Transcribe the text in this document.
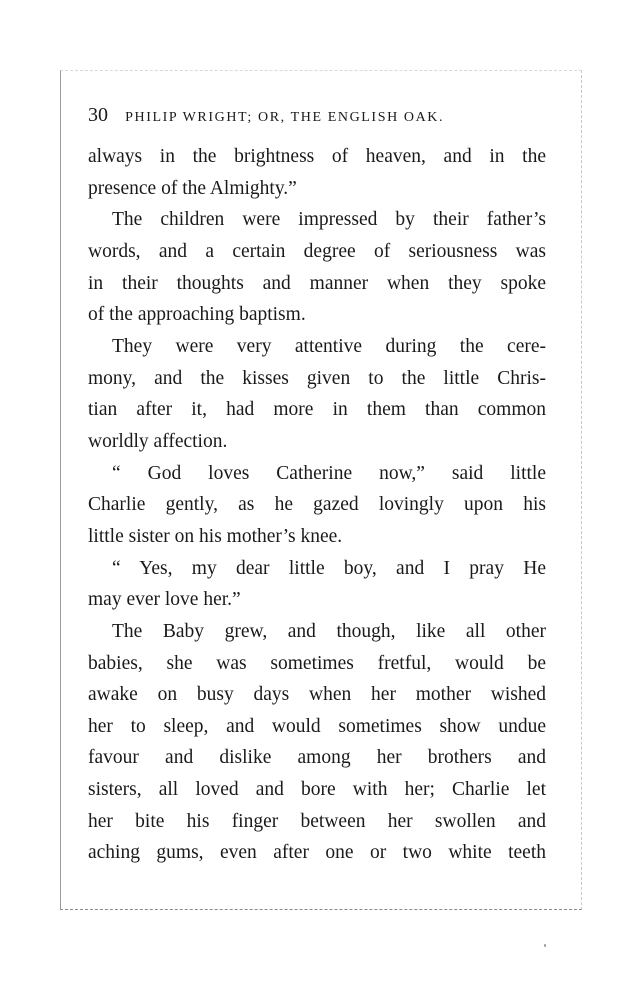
30 PHILIP WRIGHT; OR, THE ENGLISH OAK.
always in the brightness of heaven, and in the
presence of the Almighty.”
The children were impressed by their father’s
words, and a certain degree of seriousness was
in their thoughts and manner when they spoke
of the approaching baptism.
They were very attentive during the cere-
mony, and the kisses given to the little Chris-
tian after it, had more in them than common
worldly affection.
“ God loves Catherine now,” said little
Charlie gently, as he gazed lovingly upon his
little sister on his mother’s knee.
“ Yes, my dear little boy, and I pray He
may ever love her.”
The Baby grew, and though, like all other
babies, she was sometimes fretful, would be
awake on busy days when her mother wished
her to sleep, and would sometimes show undue
favour and dislike among her brothers and
sisters, all loved and bore with her; Charlie let
her bite his finger between her swollen and
aching gums, even after one or two white teeth
